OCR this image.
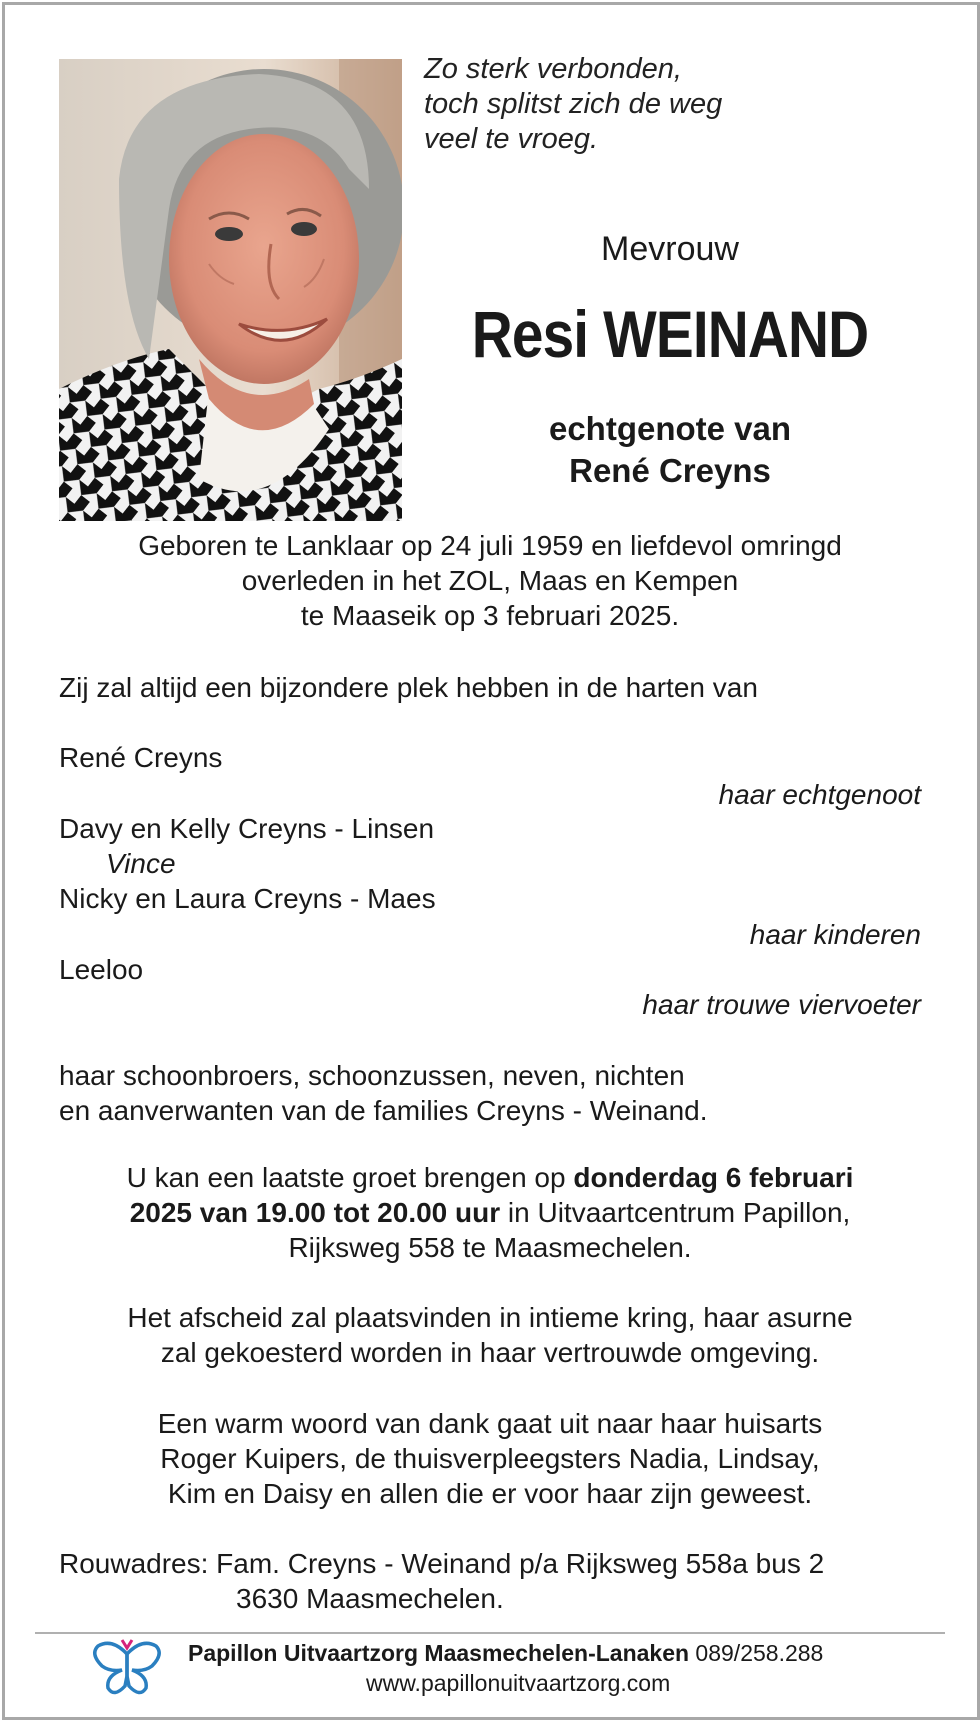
Zo sterk verbonden,
toch splitst zich de weg
veel te vroeg.
Mevrouw
Resi WEINAND
echtgenote van
René Creyns
Geboren te Lanklaar op 24 juli 1959 en liefdevol omringd
overleden in het ZOL, Maas en Kempen
te Maaseik op 3 februari 2025.
Zij zal altijd een bijzondere plek hebben in de harten van
René Creyns
haar echtgenoot
Davy en Kelly Creyns - Linsen
Vince
Nicky en Laura Creyns - Maes
haar kinderen
Leeloo
haar trouwe viervoeter
haar schoonbroers, schoonzussen, neven, nichten
en aanverwanten van de families Creyns - Weinand.
U kan een laatste groet brengen op donderdag 6 februari
2025 van 19.00 tot 20.00 uur in Uitvaartcentrum Papillon,
Rijksweg 558 te Maasmechelen.
Het afscheid zal plaatsvinden in intieme kring, haar asurne
zal gekoesterd worden in haar vertrouwde omgeving.
Een warm woord van dank gaat uit naar haar huisarts
Roger Kuipers, de thuisverpleegsters Nadia, Lindsay,
Kim en Daisy en allen die er voor haar zijn geweest.
Rouwadres: Fam. Creyns - Weinand p/a Rijksweg 558a bus 2
3630 Maasmechelen.
Papillon Uitvaartzorg Maasmechelen-Lanaken 089/258.288
www.papillonuitvaartzorg.com
